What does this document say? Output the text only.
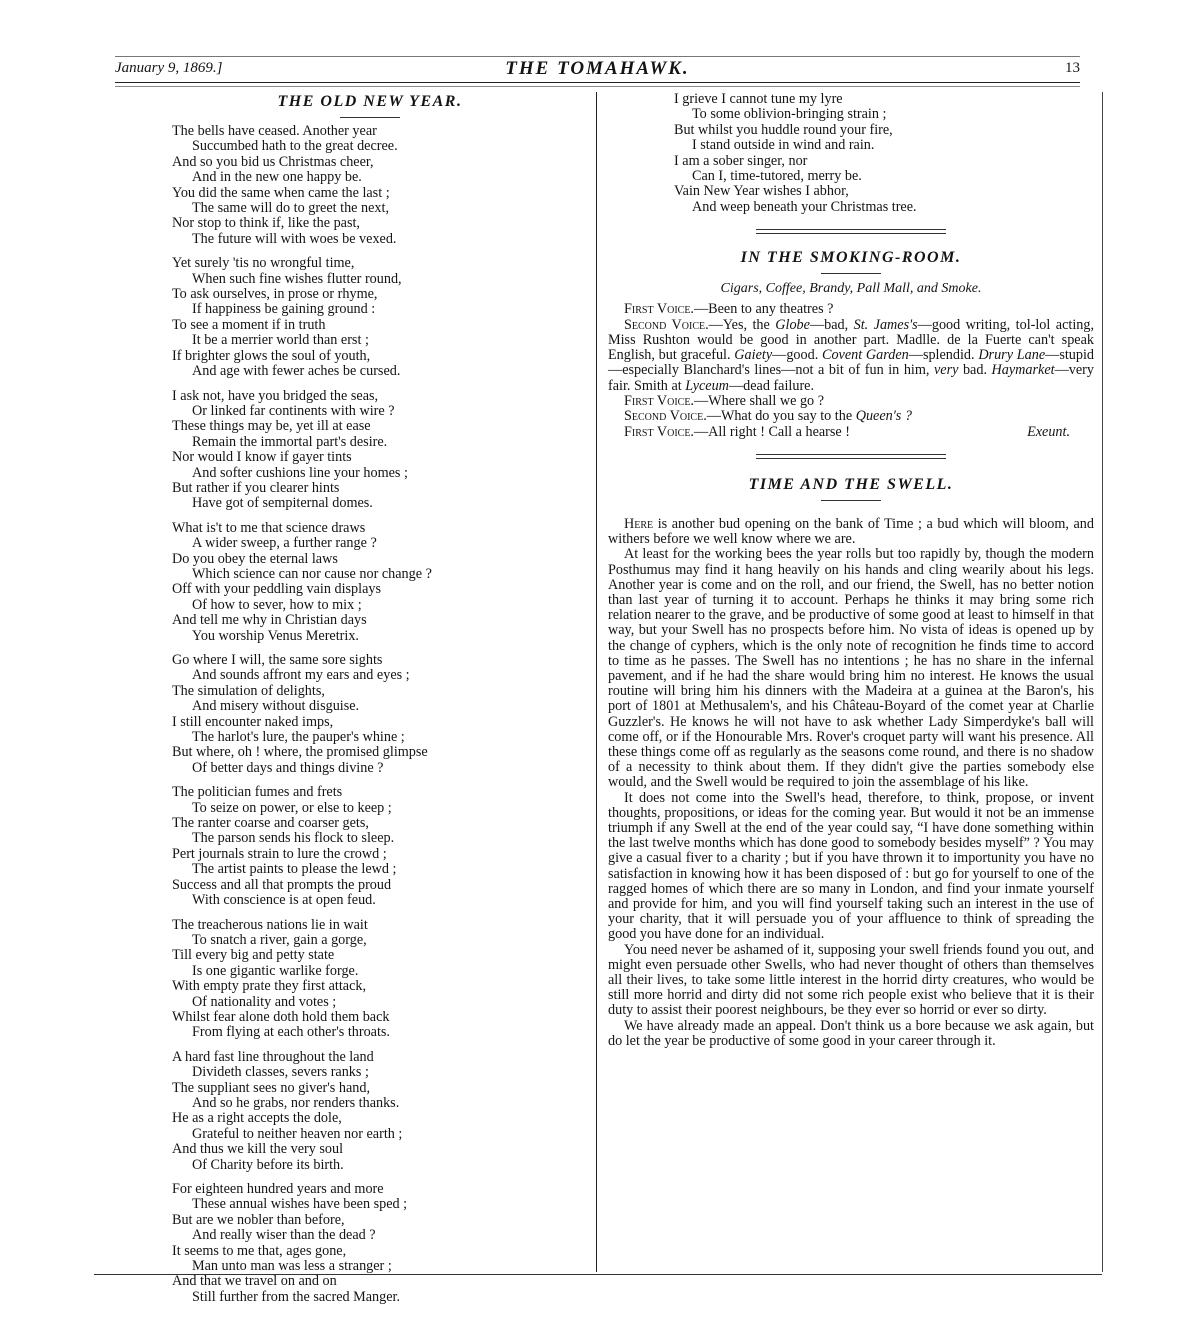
January 9, 1869.]	THE TOMAHAWK.	13
THE OLD NEW YEAR.
The bells have ceased. Another year
Succumbed hath to the great decree.
And so you bid us Christmas cheer,
And in the new one happy be.
You did the same when came the last ;
The same will do to greet the next,
Nor stop to think if, like the past,
The future will with woes be vexed.
Yet surely 'tis no wrongful time,
When such fine wishes flutter round,
To ask ourselves, in prose or rhyme,
If happiness be gaining ground :
To see a moment if in truth
It be a merrier world than erst ;
If brighter glows the soul of youth,
And age with fewer aches be cursed.
I ask not, have you bridged the seas,
Or linked far continents with wire ?
These things may be, yet ill at ease
Remain the immortal part's desire.
Nor would I know if gayer tints
And softer cushions line your homes ;
But rather if you clearer hints
Have got of sempiternal domes.
What is't to me that science draws
A wider sweep, a further range ?
Do you obey the eternal laws
Which science can nor cause nor change ?
Off with your peddling vain displays
Of how to sever, how to mix ;
And tell me why in Christian days
You worship Venus Meretrix.
Go where I will, the same sore sights
And sounds affront my ears and eyes ;
The simulation of delights,
And misery without disguise.
I still encounter naked imps,
The harlot's lure, the pauper's whine ;
But where, oh ! where, the promised glimpse
Of better days and things divine ?
The politician fumes and frets
To seize on power, or else to keep ;
The ranter coarse and coarser gets,
The parson sends his flock to sleep.
Pert journals strain to lure the crowd ;
The artist paints to please the lewd ;
Success and all that prompts the proud
With conscience is at open feud.
The treacherous nations lie in wait
To snatch a river, gain a gorge,
Till every big and petty state
Is one gigantic warlike forge.
With empty prate they first attack,
Of nationality and votes ;
Whilst fear alone doth hold them back
From flying at each other's throats.
A hard fast line throughout the land
Divideth classes, severs ranks ;
The suppliant sees no giver's hand,
And so he grabs, nor renders thanks.
He as a right accepts the dole,
Grateful to neither heaven nor earth ;
And thus we kill the very soul
Of Charity before its birth.
For eighteen hundred years and more
These annual wishes have been sped ;
But are we nobler than before,
And really wiser than the dead ?
It seems to me that, ages gone,
Man unto man was less a stranger ;
And that we travel on and on
Still further from the sacred Manger.
I grieve I cannot tune my lyre
To some oblivion-bringing strain ;
But whilst you huddle round your fire,
I stand outside in wind and rain.
I am a sober singer, nor
Can I, time-tutored, merry be.
Vain New Year wishes I abhor,
And weep beneath your Christmas tree.
IN THE SMOKING-ROOM.
Cigars, Coffee, Brandy, Pall Mall, and Smoke.
First Voice.—Been to any theatres ?
Second Voice.—Yes, the Globe—bad, St. James's—good writing, tol-lol acting, Miss Rushton would be good in another part. Madlle. de la Fuerte can't speak English, but graceful. Gaiety—good. Covent Garden—splendid. Drury Lane—stupid—especially Blanchard's lines—not a bit of fun in him, very bad. Haymarket—very fair. Smith at Lyceum—dead failure.
First Voice.—Where shall we go ?
Second Voice.—What do you say to the Queen's ?
First Voice.—All right ! Call a hearse !	Exeunt.
TIME AND THE SWELL.

Here is another bud opening on the bank of Time ; a bud which will bloom, and withers before we well know where we are.

At least for the working bees the year rolls but too rapidly by, though the modern Posthumus may find it hang heavily on his hands and cling wearily about his legs. Another year is come and on the roll, and our friend, the Swell, has no better notion than last year of turning it to account. Perhaps he thinks it may bring some rich relation nearer to the grave, and be productive of some good at least to himself in that way, but your Swell has no prospects before him. No vista of ideas is opened up by the change of cyphers, which is the only note of recognition he finds time to accord to time as he passes. The Swell has no intentions ; he has no share in the infernal pavement, and if he had the share would bring him no interest. He knows the usual routine will bring him his dinners with the Madeira at a guinea at the Baron's, his port of 1801 at Methusalem's, and his Château-Boyard of the comet year at Charlie Guzzler's. He knows he will not have to ask whether Lady Simperdyke's ball will come off, or if the Honourable Mrs. Rover's croquet party will want his presence. All these things come off as regularly as the seasons come round, and there is no shadow of a necessity to think about them. If they didn't give the parties somebody else would, and the Swell would be required to join the assemblage of his like.

It does not come into the Swell's head, therefore, to think, propose, or invent thoughts, propositions, or ideas for the coming year. But would it not be an immense triumph if any Swell at the end of the year could say, “I have done something within the last twelve months which has done good to somebody besides myself” ? You may give a casual fiver to a charity ; but if you have thrown it to importunity you have no satisfaction in knowing how it has been disposed of : but go for yourself to one of the ragged homes of which there are so many in London, and find your inmate yourself and provide for him, and you will find yourself taking such an interest in the use of your charity, that it will persuade you of your affluence to think of spreading the good you have done for an individual.

You need never be ashamed of it, supposing your swell friends found you out, and might even persuade other Swells, who had never thought of others than themselves all their lives, to take some little interest in the horrid dirty creatures, who would be still more horrid and dirty did not some rich people exist who believe that it is their duty to assist their poorest neighbours, be they ever so horrid or ever so dirty.

We have already made an appeal. Don't think us a bore because we ask again, but do let the year be productive of some good in your career through it.
